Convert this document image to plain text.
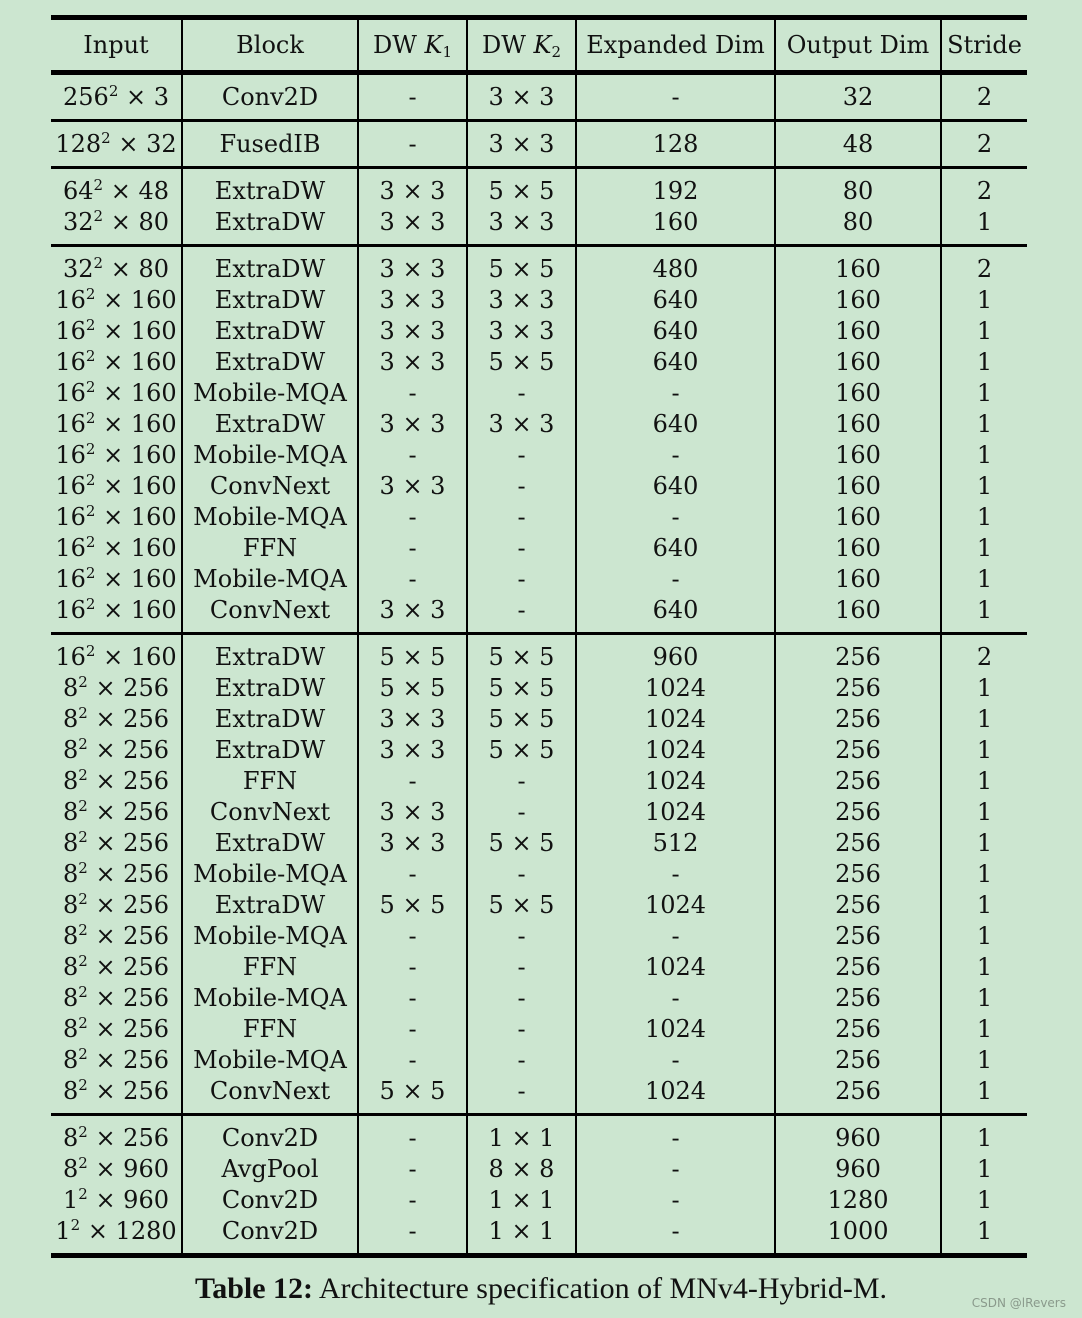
Input	Block	DW $K_1$	DW $K_2$	Expanded Dim	Output Dim	Stride

$256^2 \times 3$	Conv2D	-	3 × 3	-	32	2

$128^2 \times 32$	FusedIB	-	3 × 3	128	48	2

$64^2 \times 48$	ExtraDW	3 × 3	5 × 5	192	80	2
$32^2 \times 80$	ExtraDW	3 × 3	3 × 3	160	80	1

$32^2 \times 80$	ExtraDW	3 × 3	5 × 5	480	160	2
$16^2 \times 160$	ExtraDW	3 × 3	3 × 3	640	160	1
$16^2 \times 160$	ExtraDW	3 × 3	3 × 3	640	160	1
$16^2 \times 160$	ExtraDW	3 × 3	5 × 5	640	160	1
$16^2 \times 160$	Mobile-MQA	-	-	-	160	1
$16^2 \times 160$	ExtraDW	3 × 3	3 × 3	640	160	1
$16^2 \times 160$	Mobile-MQA	-	-	-	160	1
$16^2 \times 160$	ConvNext	3 × 3	-	640	160	1
$16^2 \times 160$	Mobile-MQA	-	-	-	160	1
$16^2 \times 160$	FFN	-	-	640	160	1
$16^2 \times 160$	Mobile-MQA	-	-	-	160	1
$16^2 \times 160$	ConvNext	3 × 3	-	640	160	1

$16^2 \times 160$	ExtraDW	5 × 5	5 × 5	960	256	2
$8^2 \times 256$	ExtraDW	5 × 5	5 × 5	1024	256	1
$8^2 \times 256$	ExtraDW	3 × 3	5 × 5	1024	256	1
$8^2 \times 256$	ExtraDW	3 × 3	5 × 5	1024	256	1
$8^2 \times 256$	FFN	-	-	1024	256	1
$8^2 \times 256$	ConvNext	3 × 3	-	1024	256	1
$8^2 \times 256$	ExtraDW	3 × 3	5 × 5	512	256	1
$8^2 \times 256$	Mobile-MQA	-	-	-	256	1
$8^2 \times 256$	ExtraDW	5 × 5	5 × 5	1024	256	1
$8^2 \times 256$	Mobile-MQA	-	-	-	256	1
$8^2 \times 256$	FFN	-	-	1024	256	1
$8^2 \times 256$	Mobile-MQA	-	-	-	256	1
$8^2 \times 256$	FFN	-	-	1024	256	1
$8^2 \times 256$	Mobile-MQA	-	-	-	256	1
$8^2 \times 256$	ConvNext	5 × 5	-	1024	256	1

$8^2 \times 256$	Conv2D	-	1 × 1	-	960	1
$8^2 \times 960$	AvgPool	-	8 × 8	-	960	1
$1^2 \times 960$	Conv2D	-	1 × 1	-	1280	1
$1^2 \times 1280$	Conv2D	-	1 × 1	-	1000	1

Table 12: Architecture specification of MNv4-Hybrid-M.	CSDN @lRevers
